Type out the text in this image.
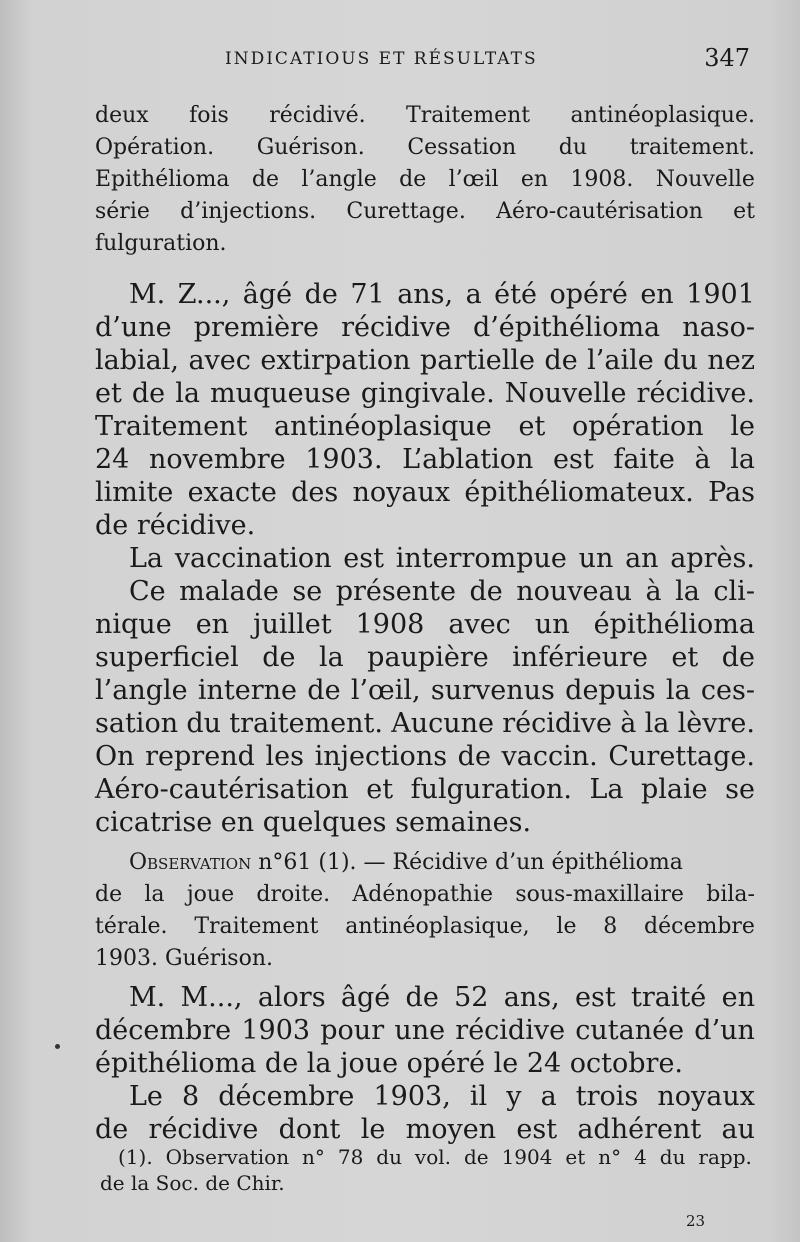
INDICATIOUS ET RÉSULTATS	347
deux fois récidivé. Traitement antinéoplasique.
Opération. Guérison. Cessation du traitement.
Epithélioma de l’angle de l’œil en 1908. Nouvelle
série d’injections. Curettage. Aéro-cautérisation et
fulguration.
M. Z..., âgé de 71 ans, a été opéré en 1901
d’une première récidive d’épithélioma naso-
labial, avec extirpation partielle de l’aile du nez
et de la muqueuse gingivale. Nouvelle récidive.
Traitement antinéoplasique et opération le
24 novembre 1903. L’ablation est faite à la
limite exacte des noyaux épithéliomateux. Pas
de récidive.
La vaccination est interrompue un an après.
Ce malade se présente de nouveau à la cli-
nique en juillet 1908 avec un épithélioma
superficiel de la paupière inférieure et de
l’angle interne de l’œil, survenus depuis la ces-
sation du traitement. Aucune récidive à la lèvre.
On reprend les injections de vaccin. Curettage.
Aéro-cautérisation et fulguration. La plaie se
cicatrise en quelques semaines.
Observation n°61 (1). — Récidive d’un épithélioma
de la joue droite. Adénopathie sous-maxillaire bila-
térale. Traitement antinéoplasique, le 8 décembre
1903. Guérison.
M. M..., alors âgé de 52 ans, est traité en
décembre 1903 pour une récidive cutanée d’un
épithélioma de la joue opéré le 24 octobre.
Le 8 décembre 1903, il y a trois noyaux
de récidive dont le moyen est adhérent au
(1). Observation n° 78 du vol. de 1904 et n° 4 du rapp.
de la Soc. de Chir.
23
